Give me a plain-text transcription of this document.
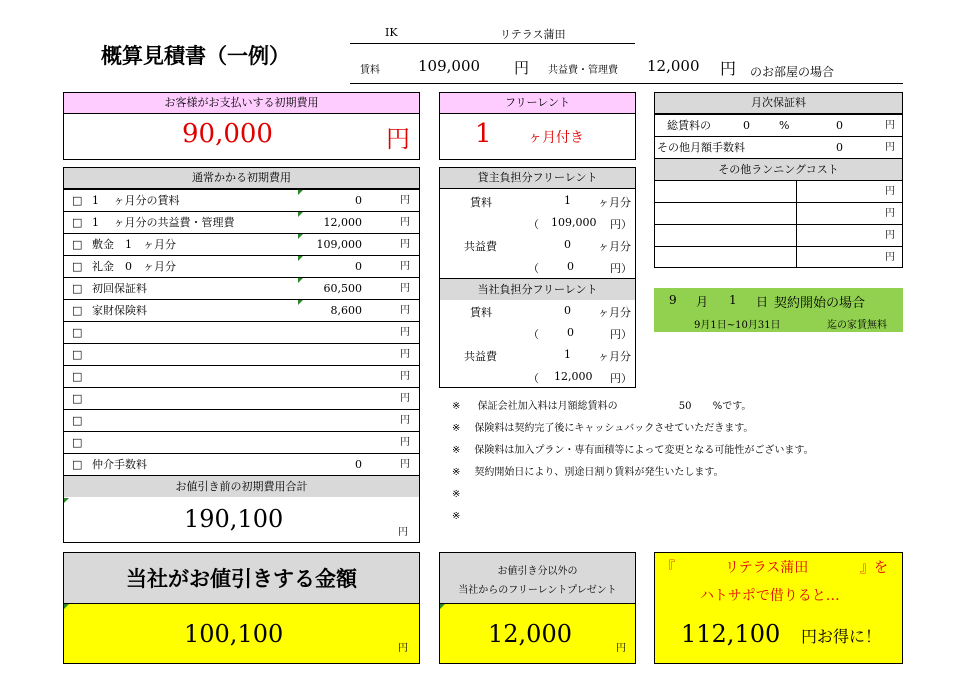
概算見積書（一例）
IK	リテラス蒲田
賃料	109,000 円 共益費・管理費 12,000 円 のお部屋の場合
お客様がお支払いする初期費用
90,000	円
フリーレント
1	ヶ月付き
月次保証料
総賃料の	0	%	0	円
その他月額手数料	0	円
その他ランニングコスト
円
円
円
円
通常かかる初期費用
□ 1　 ヶ月分の賃料	0	円
□ 1　 ヶ月分の共益費・管理費	12,000	円
□ 敷金　1　ヶ月分	109,000	円
□ 礼金　0　ヶ月分	0	円
□ 初回保証料	60,500	円
□ 家財保険料	8,600	円
□	円
□	円
□	円
□	円
□	円
□	円
□ 仲介手数料	0	円
お値引き前の初期費用合計
190,100	円
貸主負担分フリーレント
賃料	1 ヶ月分
（ 109,000 円）
共益費	0 ヶ月分
（	0	円）
当社負担分フリーレント
賃料	0 ヶ月分
（	0	円）
共益費	1 ヶ月分
（ 12,000 円）
9 月 1 日 契約開始の場合
9月1日~10月31日	迄の家賃無料
※ 保証会社加入料は月額総賃料の	50 %です。
※ 保険料は契約完了後にキャッシュバックさせていただきます。
※ 保険料は加入プラン・専有面積等によって変更となる可能性がございます。
※ 契約開始日により、別途日割り賃料が発生いたします。
※
※
当社がお値引きする金額
100,100
円
お値引き分以外の
当社からのフリーレントプレゼント
12,000
円
『	リテラス蒲田	』を
ハトサポで借りると…
112,100 円お得に！
